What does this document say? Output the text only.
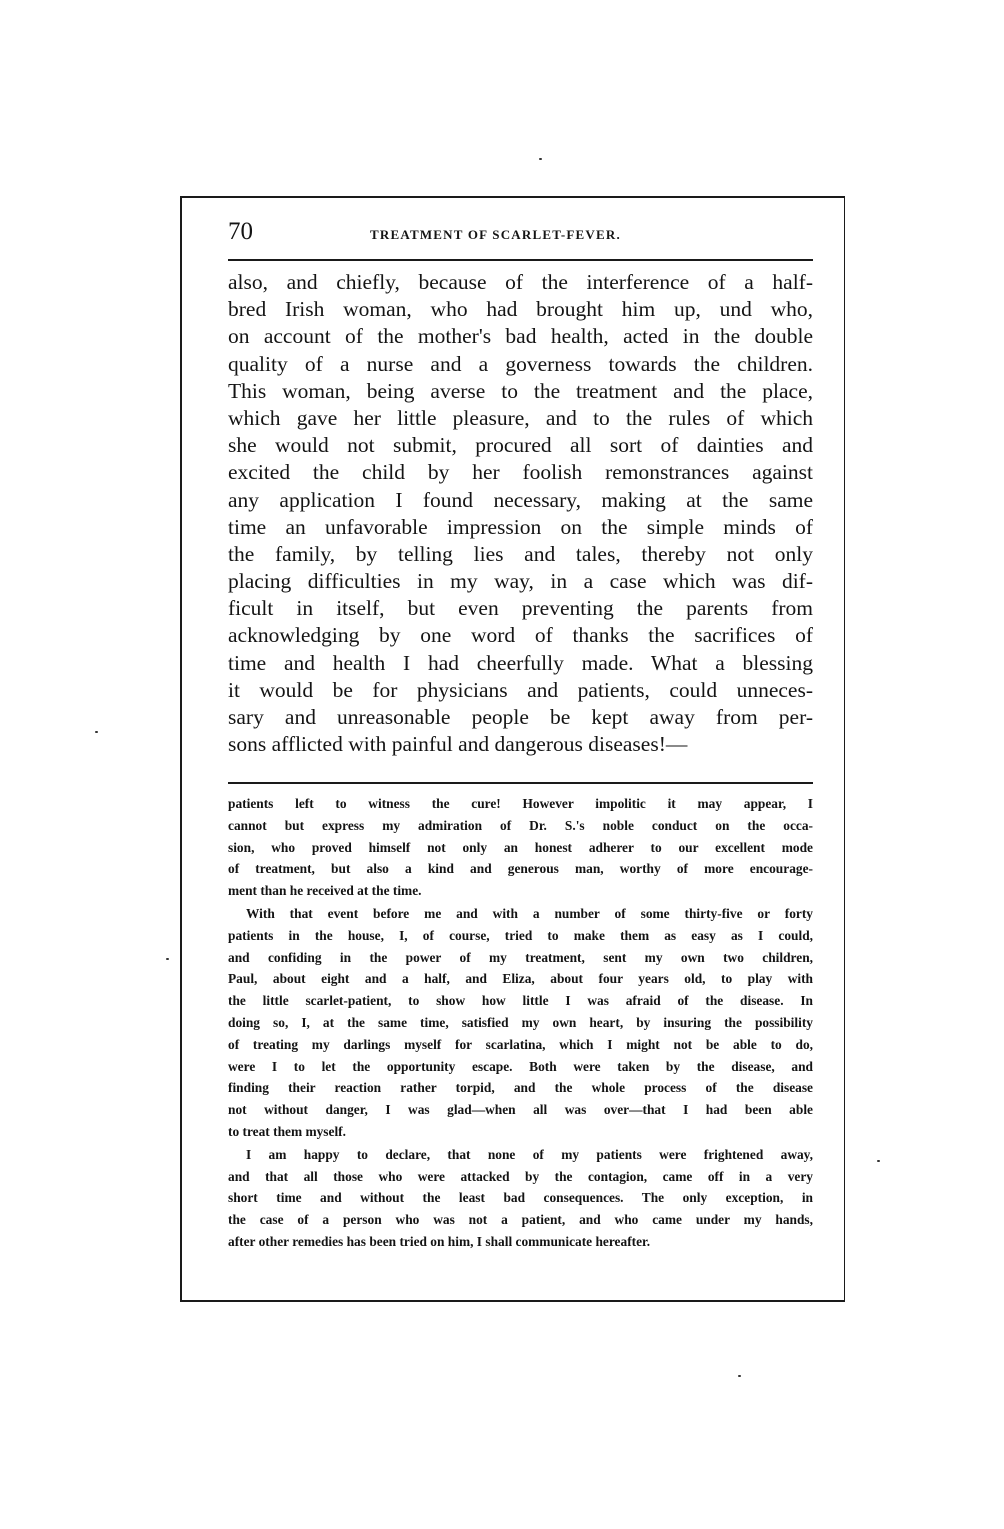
70	TREATMENT OF SCARLET-FEVER.
also, and chiefly, because of the interference of a half-
bred Irish woman, who had brought him up, und who,
on account of the mother's bad health, acted in the double
quality of a nurse and a governess towards the children.
This woman, being averse to the treatment and the place,
which gave her little pleasure, and to the rules of which
she would not submit, procured all sort of dainties and
excited the child by her foolish remonstrances against
any application I found necessary, making at the same
time an unfavorable impression on the simple minds of
the family, by telling lies and tales, thereby not only
placing difficulties in my way, in a case which was dif-
ficult in itself, but even preventing the parents from
acknowledging by one word of thanks the sacrifices of
time and health I had cheerfully made. What a blessing
it would be for physicians and patients, could unneces-
sary and unreasonable people be kept away from per-
sons afflicted with painful and dangerous diseases!—
patients left to witness the cure! However impolitic it may appear, I
cannot but express my admiration of Dr. S.'s noble conduct on the occa-
sion, who proved himself not only an honest adherer to our excellent mode
of treatment, but also a kind and generous man, worthy of more encourage-
ment than he received at the time.
With that event before me and with a number of some thirty-five or forty
patients in the house, I, of course, tried to make them as easy as I could,
and confiding in the power of my treatment, sent my own two children,
Paul, about eight and a half, and Eliza, about four years old, to play with
the little scarlet-patient, to show how little I was afraid of the disease. In
doing so, I, at the same time, satisfied my own heart, by insuring the possibility
of treating my darlings myself for scarlatina, which I might not be able to do,
were I to let the opportunity escape. Both were taken by the disease, and
finding their reaction rather torpid, and the whole process of the disease
not without danger, I was glad—when all was over—that I had been able
to treat them myself.
I am happy to declare, that none of my patients were frightened away,
and that all those who were attacked by the contagion, came off in a very
short time and without the least bad consequences. The only exception, in
the case of a person who was not a patient, and who came under my hands,
after other remedies has been tried on him, I shall communicate hereafter.
